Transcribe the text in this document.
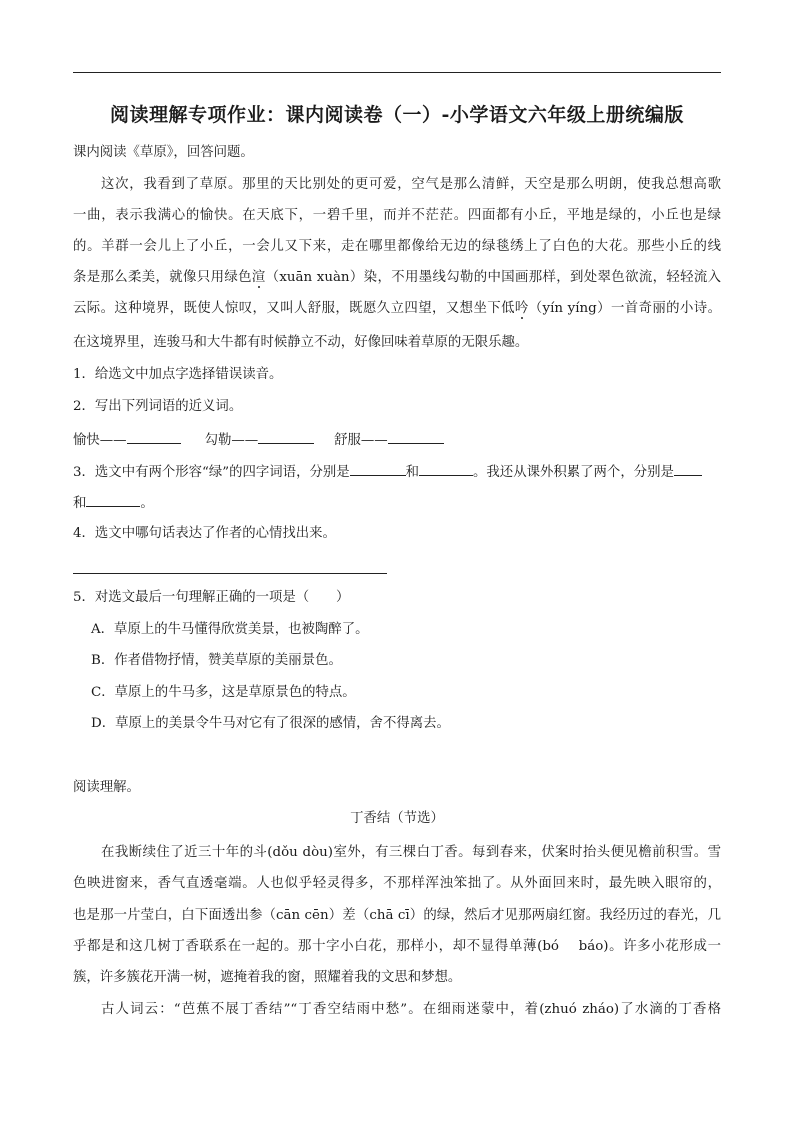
阅读理解专项作业：课内阅读卷（一）-小学语文六年级上册统编版
课内阅读《草原》，回答问题。
这次，我看到了草原。那里的天比别处的更可爱，空气是那么清鲜，天空是那么明朗，使我总想高歌
一曲，表示我满心的愉快。在天底下，一碧千里，而并不茫茫。四面都有小丘，平地是绿的，小丘也是绿
的。羊群一会儿上了小丘，一会儿又下来，走在哪里都像给无边的绿毯绣上了白色的大花。那些小丘的线
条是那么柔美，就像只用绿色渲（xuān xuàn）染，不用墨线勾勒的中国画那样，到处翠色欲流，轻轻流入
云际。这种境界，既使人惊叹，又叫人舒服，既愿久立四望，又想坐下低吟（yín yíng）一首奇丽的小诗。
在这境界里，连骏马和大牛都有时候静立不动，好像回味着草原的无限乐趣。
1．给选文中加点字选择错误读音。
2．写出下列词语的近义词。
愉快——	勾勒——	舒服——
3．选文中有两个形容“绿”的四字词语，分别是	和	。我还从课外积累了两个，分别是
和	。
4．选文中哪句话表达了作者的心情找出来。
5．对选文最后一句理解正确的一项是（　　）
A．草原上的牛马懂得欣赏美景，也被陶醉了。
B．作者借物抒情，赞美草原的美丽景色。
C．草原上的牛马多，这是草原景色的特点。
D．草原上的美景令牛马对它有了很深的感情，舍不得离去。
阅读理解。
丁香结（节选）
在我断续住了近三十年的斗(dǒu dòu)室外，有三棵白丁香。每到春来，伏案时抬头便见檐前积雪。雪
色映进窗来，香气直透毫端。人也似乎轻灵得多，不那样浑浊笨拙了。从外面回来时，最先映入眼帘的，
也是那一片莹白，白下面透出参（cān cēn）差（chā cī）的绿，然后才见那两扇红窗。我经历过的春光，几
乎都是和这几树丁香联系在一起的。那十字小白花，那样小，却不显得单薄(bó　 báo)。许多小花形成一
簇，许多簇花开满一树，遮掩着我的窗，照耀着我的文思和梦想。
古人词云：“芭蕉不展丁香结”“丁香空结雨中愁”。在细雨迷蒙中，着(zhuó zháo)了水滴的丁香格
